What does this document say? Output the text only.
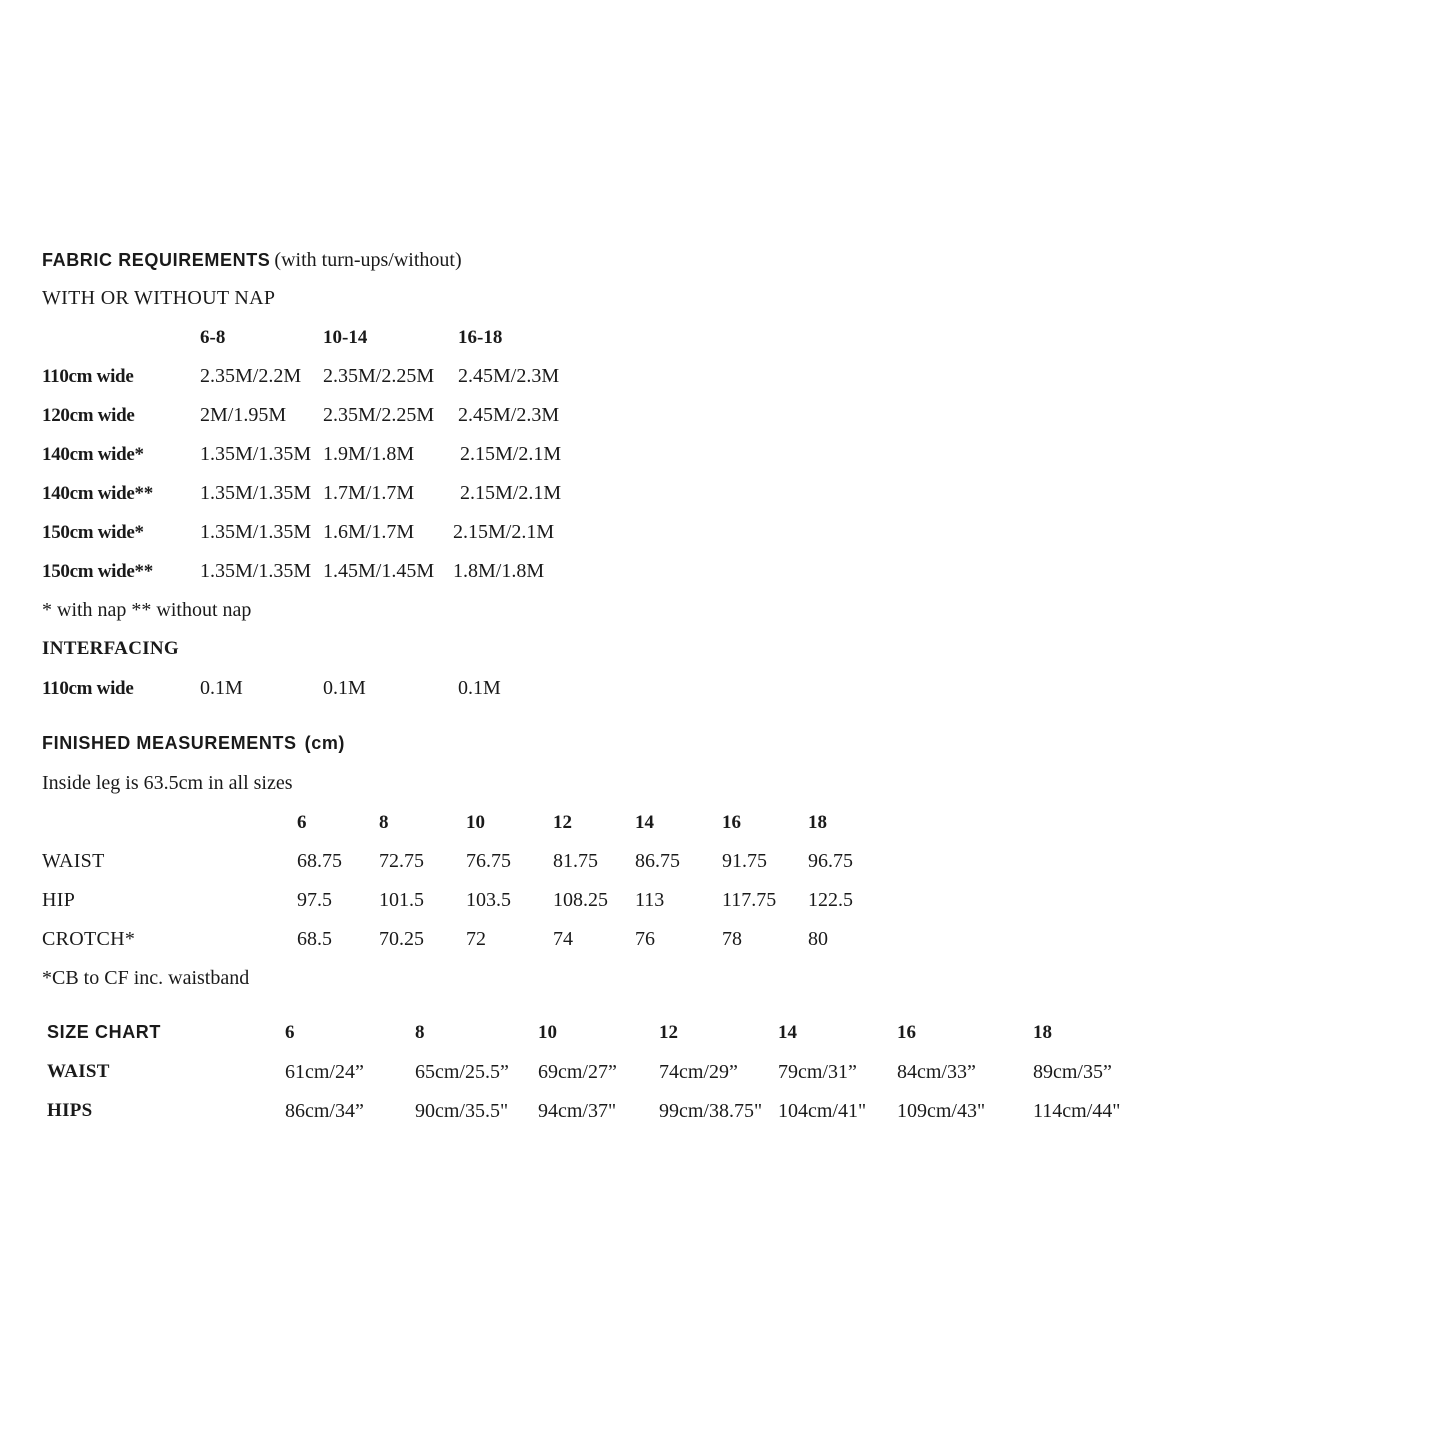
FABRIC REQUIREMENTS (with turn-ups/without)
WITH OR WITHOUT NAP
6-8	10-14	16-18
110cm wide	2.35M/2.2M 2.35M/2.25M 2.45M/2.3M
120cm wide	2M/1.95M 2.35M/2.25M 2.45M/2.3M
140cm wide*	1.35M/1.35M 1.9M/1.8M 2.15M/2.1M
140cm wide** 1.35M/1.35M 1.7M/1.7M 2.15M/2.1M
150cm wide*	1.35M/1.35M 1.6M/1.7M 2.15M/2.1M
150cm wide** 1.35M/1.35M 1.45M/1.45M 1.8M/1.8M
* with nap ** without nap
INTERFACING
110cm wide	0.1M	0.1M	0.1M
FINISHED MEASUREMENTS (cm)
Inside leg is 63.5cm in all sizes
6	8	10	12	14	16	18
WAIST	68.75 72.75 76.75 81.75 86.75 91.75 96.75
HIP	97.5 101.5 103.5 108.25 113	117.75 122.5
CROTCH*	68.5 70.25 72	74	76	78	80
*CB to CF inc. waistband
SIZE CHART	6	8	10	12	14	16	18
WAIST	61cm/24”	65cm/25.5” 69cm/27” 74cm/29” 79cm/31” 84cm/33”	89cm/35”
HIPS	86cm/34”	90cm/35.5" 94cm/37" 99cm/38.75" 104cm/41" 109cm/43" 114cm/44"
